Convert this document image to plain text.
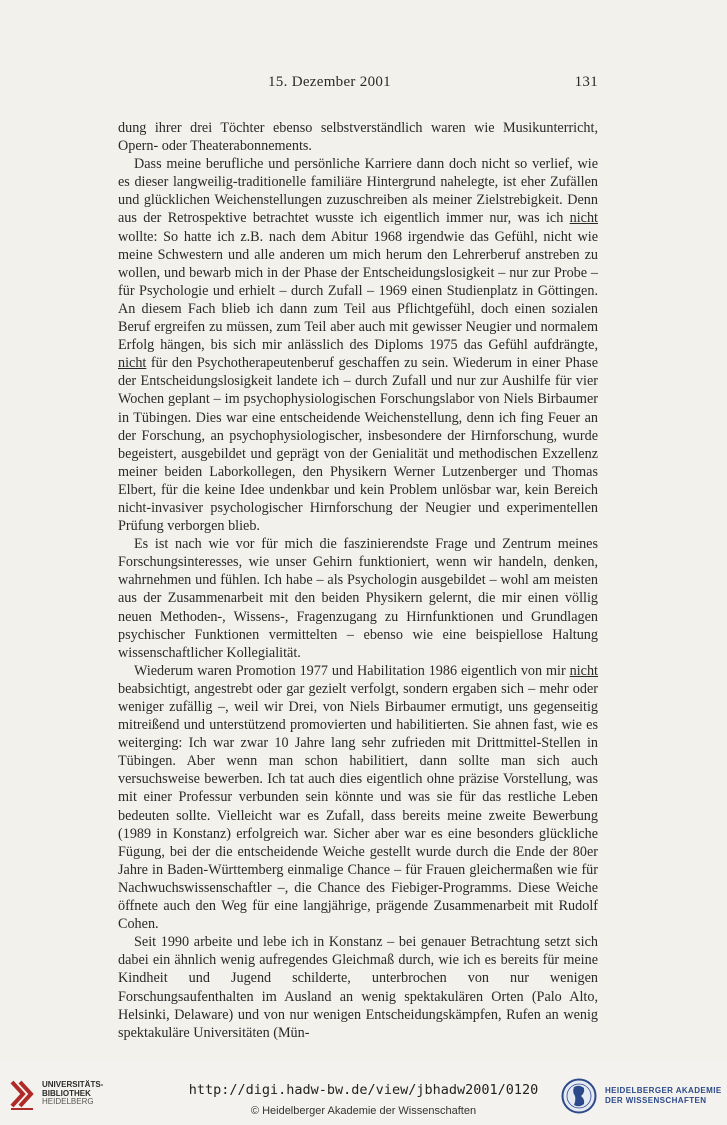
15. Dezember 2001	131

dung ihrer drei Töchter ebenso selbstverständlich waren wie Musikunterricht, Opern- oder Theaterabonnements.

Dass meine berufliche und persönliche Karriere dann doch nicht so verlief, wie es dieser langweilig-traditionelle familiäre Hintergrund nahelegte, ist eher Zufällen und glücklichen Weichenstellungen zuzuschreiben als meiner Zielstrebigkeit. Denn aus der Retrospektive betrachtet wusste ich eigentlich immer nur, was ich nicht wollte: So hatte ich z.B. nach dem Abitur 1968 irgendwie das Gefühl, nicht wie meine Schwestern und alle anderen um mich herum den Lehrerberuf anstreben zu wollen, und bewarb mich in der Phase der Entscheidungslosigkeit – nur zur Probe – für Psychologie und erhielt – durch Zufall – 1969 einen Studienplatz in Göttingen. An diesem Fach blieb ich dann zum Teil aus Pflichtgefühl, doch einen sozialen Beruf ergreifen zu müssen, zum Teil aber auch mit gewisser Neugier und normalem Erfolg hängen, bis sich mir anlässlich des Diploms 1975 das Gefühl aufdrängte, nicht für den Psychotherapeutenberuf geschaffen zu sein. Wiederum in einer Phase der Entscheidungslosigkeit landete ich – durch Zufall und nur zur Aushilfe für vier Wochen geplant – im psychophysiologischen Forschungslabor von Niels Birbaumer in Tübingen. Dies war eine entscheidende Weichenstellung, denn ich fing Feuer an der Forschung, an psychophysiologischer, insbesondere der Hirnforschung, wurde begeistert, ausgebildet und geprägt von der Genialität und methodischen Exzellenz meiner beiden Laborkollegen, den Physikern Werner Lutzenberger und Thomas Elbert, für die keine Idee undenkbar und kein Problem unlösbar war, kein Bereich nicht-invasiver psychologischer Hirnforschung der Neugier und experimentellen Prüfung verborgen blieb.

Es ist nach wie vor für mich die faszinierendste Frage und Zentrum meines Forschungsinteresses, wie unser Gehirn funktioniert, wenn wir handeln, denken, wahrnehmen und fühlen. Ich habe – als Psychologin ausgebildet – wohl am meisten aus der Zusammenarbeit mit den beiden Physikern gelernt, die mir einen völlig neuen Methoden-, Wissens-, Fragenzugang zu Hirnfunktionen und Grundlagen psychischer Funktionen vermittelten – ebenso wie eine beispiellose Haltung wissenschaftlicher Kollegialität.

Wiederum waren Promotion 1977 und Habilitation 1986 eigentlich von mir nicht beabsichtigt, angestrebt oder gar gezielt verfolgt, sondern ergaben sich – mehr oder weniger zufällig –, weil wir Drei, von Niels Birbaumer ermutigt, uns gegenseitig mitreißend und unterstützend promovierten und habilitierten. Sie ahnen fast, wie es weiterging: Ich war zwar 10 Jahre lang sehr zufrieden mit Drittmittel-Stellen in Tübingen. Aber wenn man schon habilitiert, dann sollte man sich auch versuchsweise bewerben. Ich tat auch dies eigentlich ohne präzise Vorstellung, was mit einer Professur verbunden sein könnte und was sie für das restliche Leben bedeuten sollte. Vielleicht war es Zufall, dass bereits meine zweite Bewerbung (1989 in Konstanz) erfolgreich war. Sicher aber war es eine besonders glückliche Fügung, bei der die entscheidende Weiche gestellt wurde durch die Ende der 80er Jahre in Baden-Württemberg einmalige Chance – für Frauen gleichermaßen wie für Nachwuchswissenschaftler –, die Chance des Fiebiger-Programms. Diese Weiche öffnete auch den Weg für eine langjährige, prägende Zusammenarbeit mit Rudolf Cohen.

Seit 1990 arbeite und lebe ich in Konstanz – bei genauer Betrachtung setzt sich dabei ein ähnlich wenig aufregendes Gleichmaß durch, wie ich es bereits für meine Kindheit und Jugend schilderte, unterbrochen von nur wenigen Forschungsaufenthalten im Ausland an wenig spektakulären Orten (Palo Alto, Helsinki, Delaware) und von nur wenigen Entscheidungskämpfen, Rufen an wenig spektakuläre Universitäten (Mün-

UNIVERSITÄTS-
BIBLIOTHEK
HEIDELBERG
http://digi.hadw-bw.de/view/jbhadw2001/0120
© Heidelberger Akademie der Wissenschaften
HEIDELBERGER AKADEMIE
DER WISSENSCHAFTEN
